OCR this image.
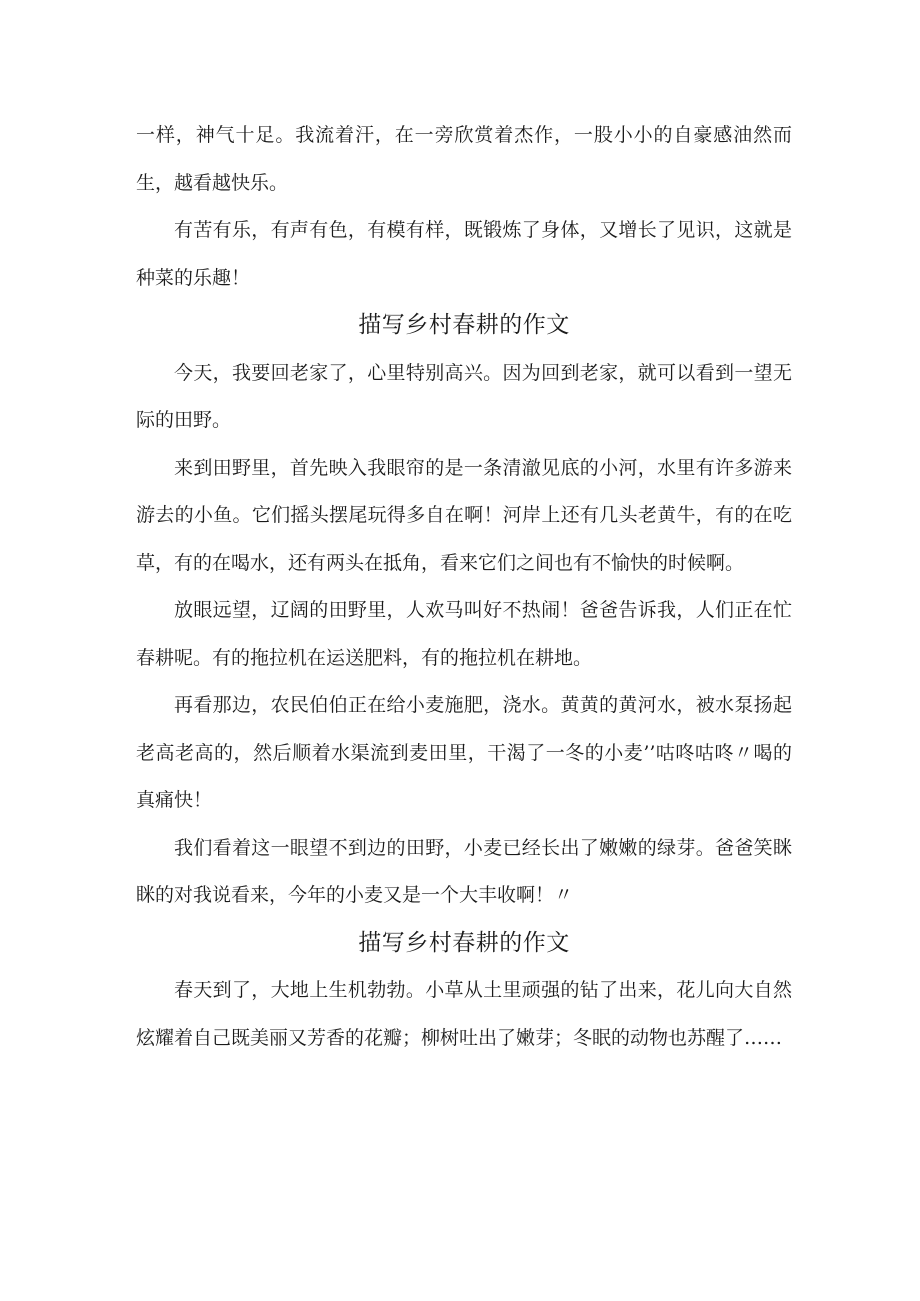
一样，神气十足。我流着汗，在一旁欣赏着杰作，一股小小的自豪感油然而生，越看越快乐。

有苦有乐，有声有色，有模有样，既锻炼了身体，又增长了见识，这就是种菜的乐趣！

描写乡村春耕的作文

今天，我要回老家了，心里特别高兴。因为回到老家，就可以看到一望无际的田野。

来到田野里，首先映入我眼帘的是一条清澈见底的小河，水里有许多游来游去的小鱼。它们摇头摆尾玩得多自在啊！河岸上还有几头老黄牛，有的在吃草，有的在喝水，还有两头在抵角，看来它们之间也有不愉快的时候啊。

放眼远望，辽阔的田野里，人欢马叫好不热闹！爸爸告诉我，人们正在忙春耕呢。有的拖拉机在运送肥料，有的拖拉机在耕地。

再看那边，农民伯伯正在给小麦施肥，浇水。黄黄的黄河水，被水泵扬起老高老高的，然后顺着水渠流到麦田里，干渴了一冬的小麦’’咕咚咕咚〃喝的真痛快！

我们看着这一眼望不到边的田野，小麦已经长出了嫩嫩的绿芽。爸爸笑眯眯的对我说看来，今年的小麦又是一个大丰收啊！〃

描写乡村春耕的作文

春天到了，大地上生机勃勃。小草从土里顽强的钻了出来，花儿向大自然炫耀着自己既美丽又芳香的花瓣；柳树吐出了嫩芽；冬眠的动物也苏醒了……
